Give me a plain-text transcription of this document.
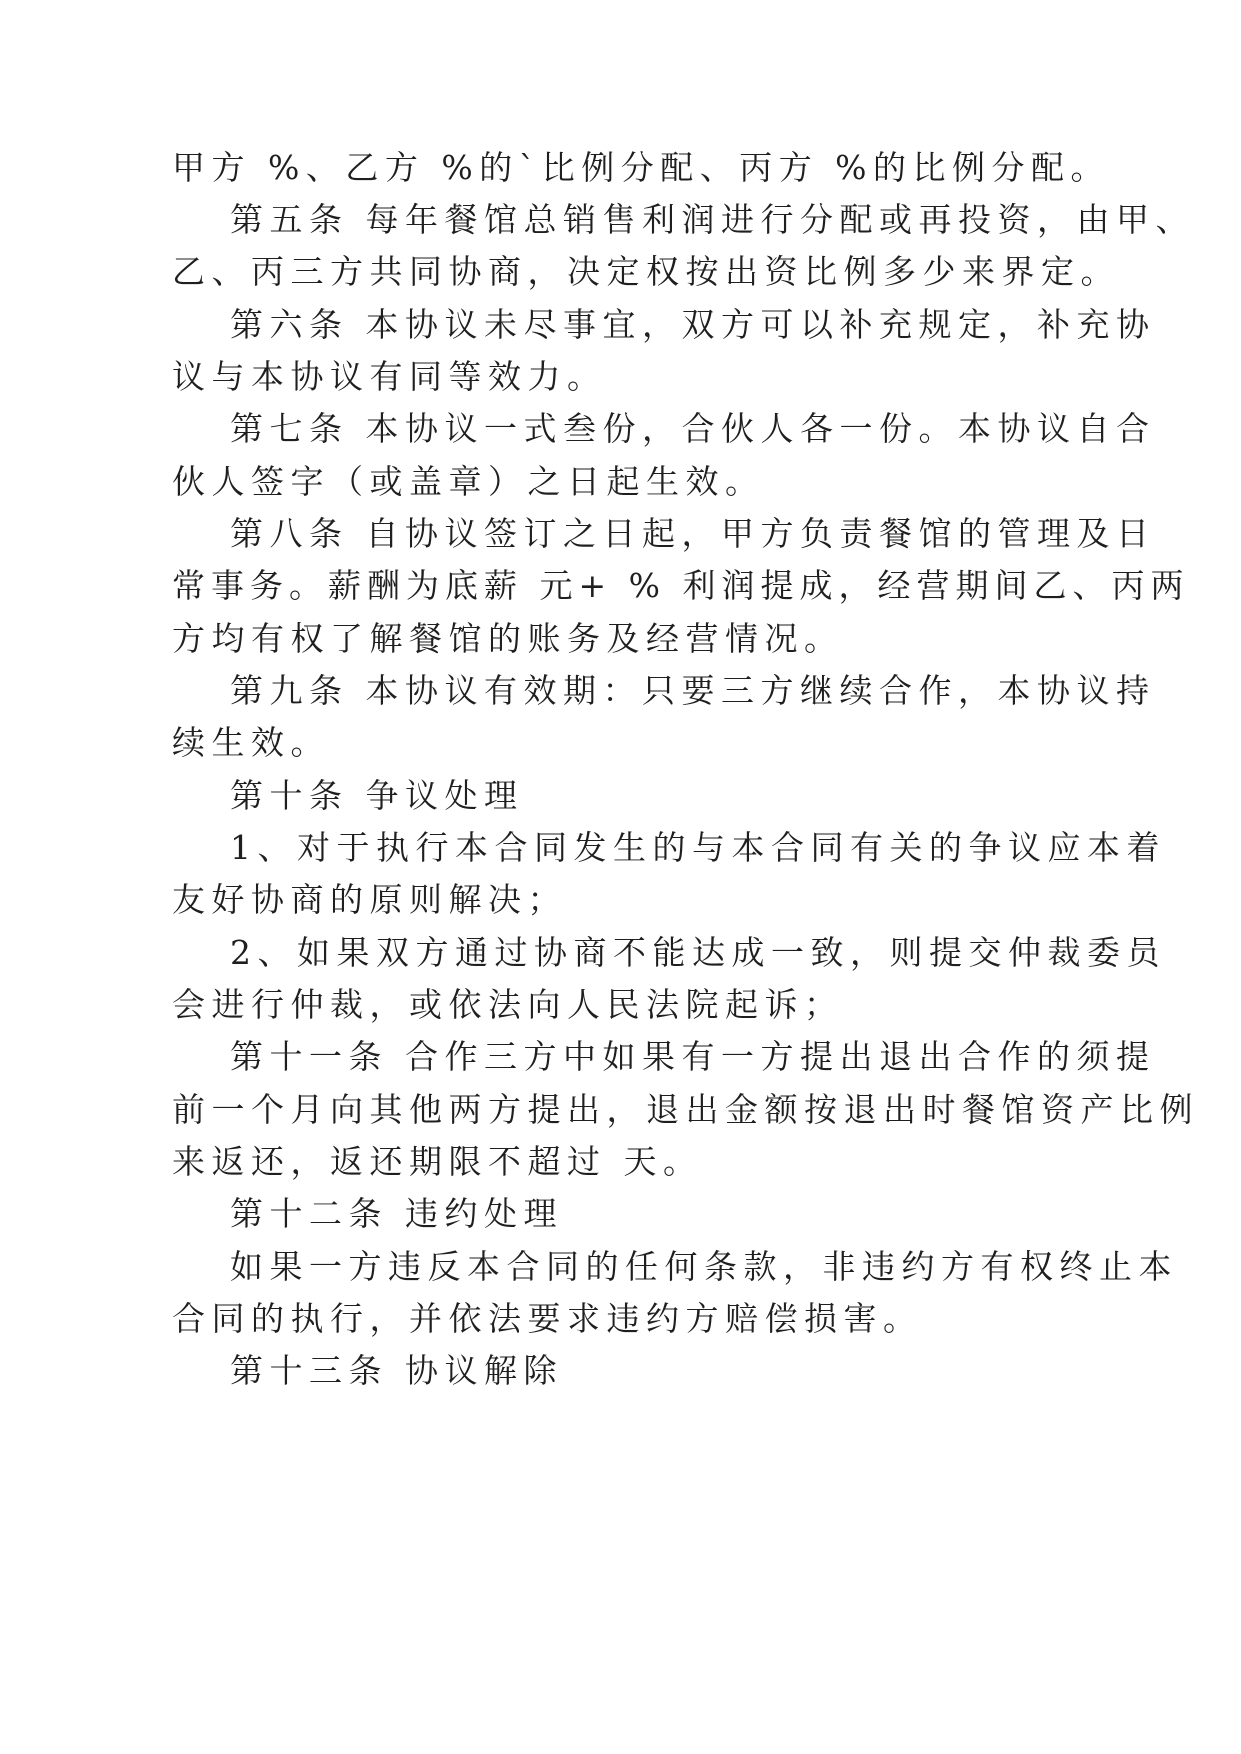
甲方 %、乙方 %的`比例分配、丙方 %的比例分配。

第五条 每年餐馆总销售利润进行分配或再投资，由甲、

乙、丙三方共同协商，决定权按出资比例多少来界定。

第六条 本协议未尽事宜，双方可以补充规定，补充协

议与本协议有同等效力。

第七条 本协议一式叁份，合伙人各一份。本协议自合

伙人签字（或盖章）之日起生效。

第八条 自协议签订之日起，甲方负责餐馆的管理及日

常事务。薪酬为底薪 元+ % 利润提成，经营期间乙、丙两

方均有权了解餐馆的账务及经营情况。

第九条 本协议有效期：只要三方继续合作，本协议持

续生效。

第十条 争议处理

1、对于执行本合同发生的与本合同有关的争议应本着

友好协商的原则解决；

2、如果双方通过协商不能达成一致，则提交仲裁委员

会进行仲裁，或依法向人民法院起诉；

第十一条 合作三方中如果有一方提出退出合作的须提

前一个月向其他两方提出，退出金额按退出时餐馆资产比例

来返还，返还期限不超过 天。

第十二条 违约处理

如果一方违反本合同的任何条款，非违约方有权终止本

合同的执行，并依法要求违约方赔偿损害。

第十三条 协议解除
